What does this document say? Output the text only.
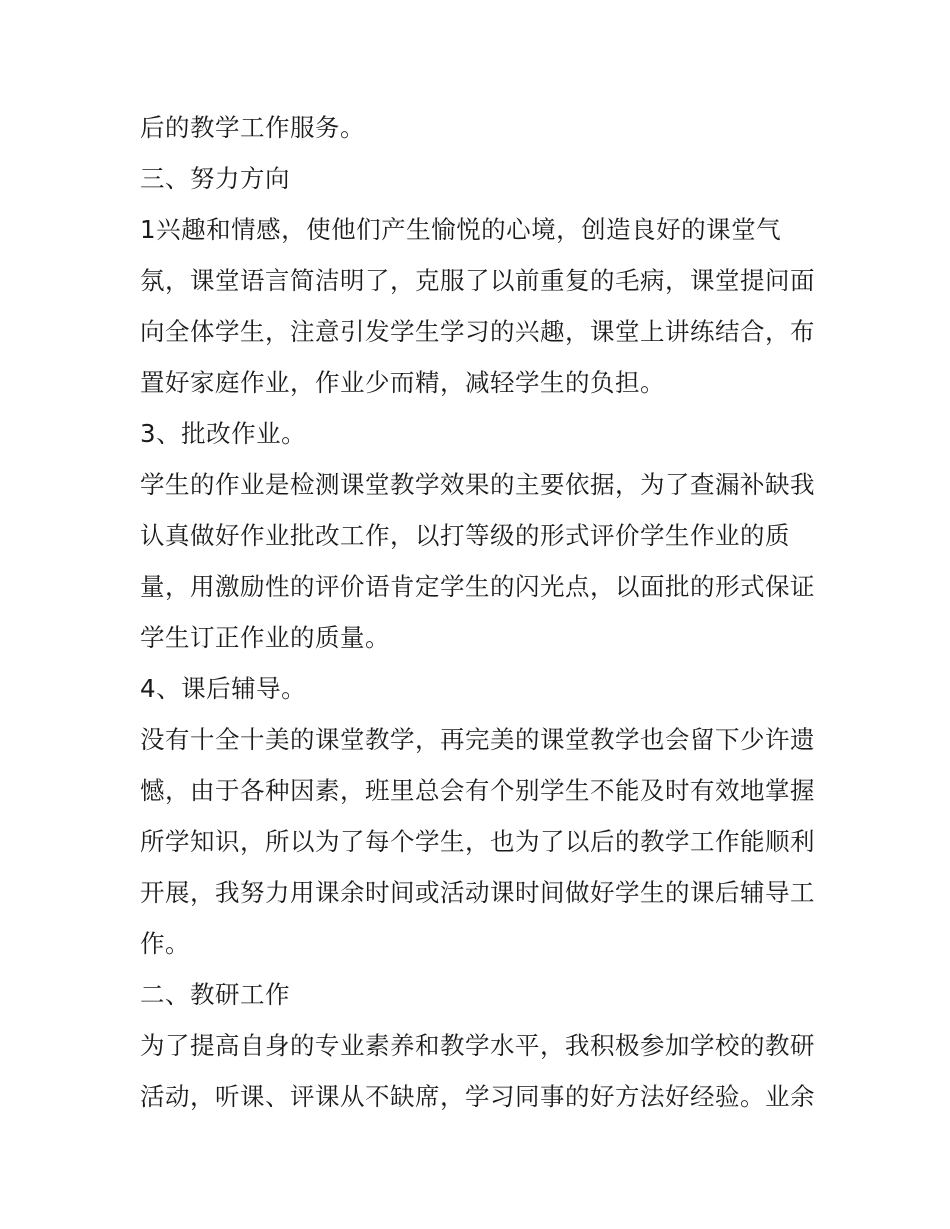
后的教学工作服务。
三、努力方向
1兴趣和情感，使他们产生愉悦的心境，创造良好的课堂气
氛，课堂语言简洁明了，克服了以前重复的毛病，课堂提问面
向全体学生，注意引发学生学习的兴趣，课堂上讲练结合，布
置好家庭作业，作业少而精，减轻学生的负担。
3、批改作业。
学生的作业是检测课堂教学效果的主要依据，为了查漏补缺我
认真做好作业批改工作，以打等级的形式评价学生作业的质
量，用激励性的评价语肯定学生的闪光点，以面批的形式保证
学生订正作业的质量。
4、课后辅导。
没有十全十美的课堂教学，再完美的课堂教学也会留下少许遗
憾，由于各种因素，班里总会有个别学生不能及时有效地掌握
所学知识，所以为了每个学生，也为了以后的教学工作能顺利
开展，我努力用课余时间或活动课时间做好学生的课后辅导工
作。
二、教研工作
为了提高自身的专业素养和教学水平，我积极参加学校的教研
活动，听课、评课从不缺席，学习同事的好方法好经验。业余
